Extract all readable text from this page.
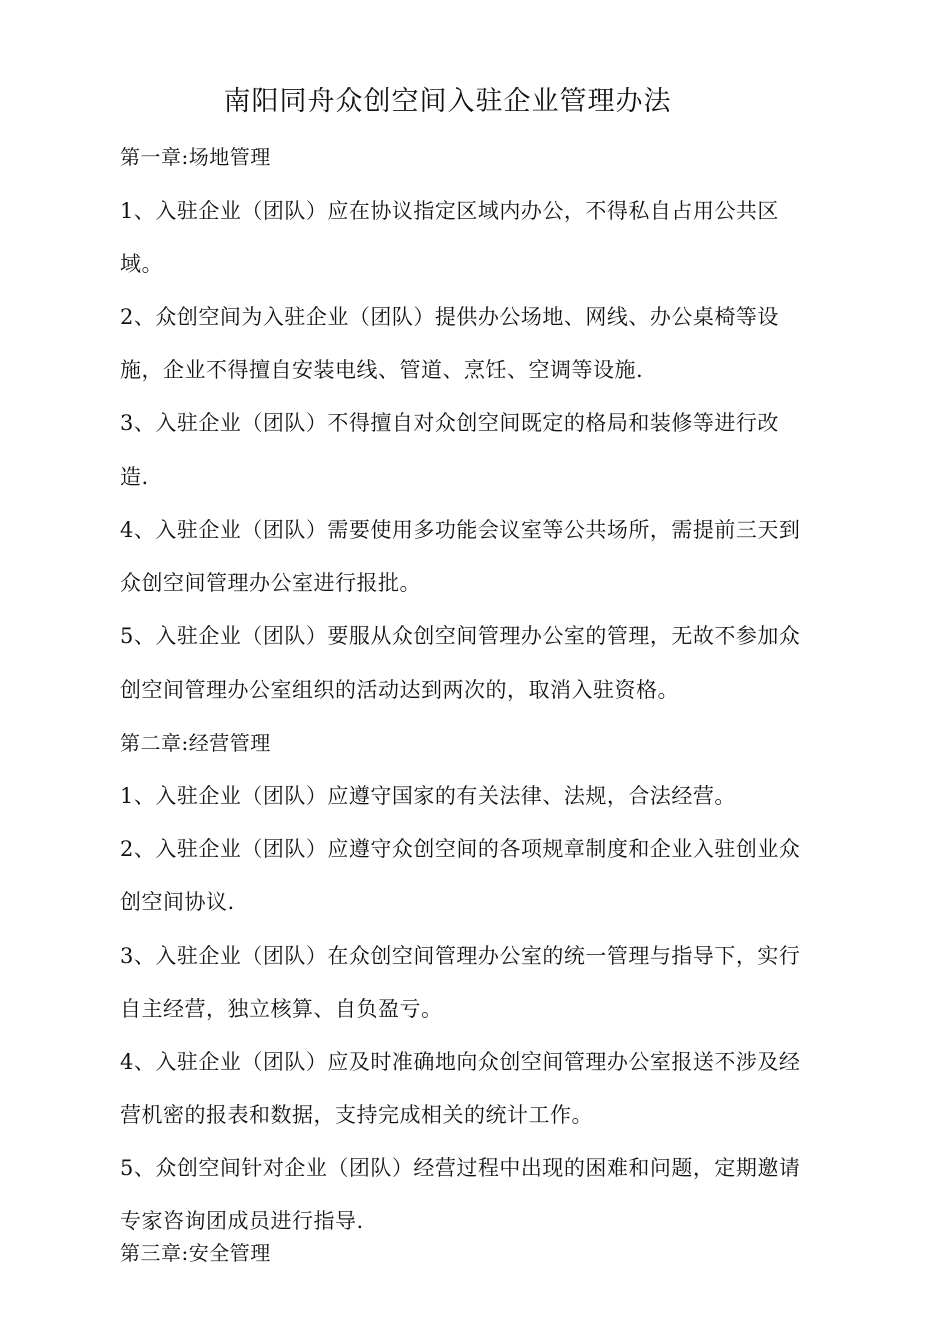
南阳同舟众创空间入驻企业管理办法
第一章:场地管理
1、入驻企业（团队）应在协议指定区域内办公，不得私自占用公共区
域。
2、众创空间为入驻企业（团队）提供办公场地、网线、办公桌椅等设
施，企业不得擅自安装电线、管道、烹饪、空调等设施.
3、入驻企业（团队）不得擅自对众创空间既定的格局和装修等进行改
造.
4、入驻企业（团队）需要使用多功能会议室等公共场所，需提前三天到
众创空间管理办公室进行报批。
5、入驻企业（团队）要服从众创空间管理办公室的管理，无故不参加众
创空间管理办公室组织的活动达到两次的，取消入驻资格。
第二章:经营管理
1、入驻企业（团队）应遵守国家的有关法律、法规，合法经营。
2、入驻企业（团队）应遵守众创空间的各项规章制度和企业入驻创业众
创空间协议.
3、入驻企业（团队）在众创空间管理办公室的统一管理与指导下，实行
自主经营，独立核算、自负盈亏。
4、入驻企业（团队）应及时准确地向众创空间管理办公室报送不涉及经
营机密的报表和数据，支持完成相关的统计工作。
5、众创空间针对企业（团队）经营过程中出现的困难和问题，定期邀请
专家咨询团成员进行指导.
第三章:安全管理
